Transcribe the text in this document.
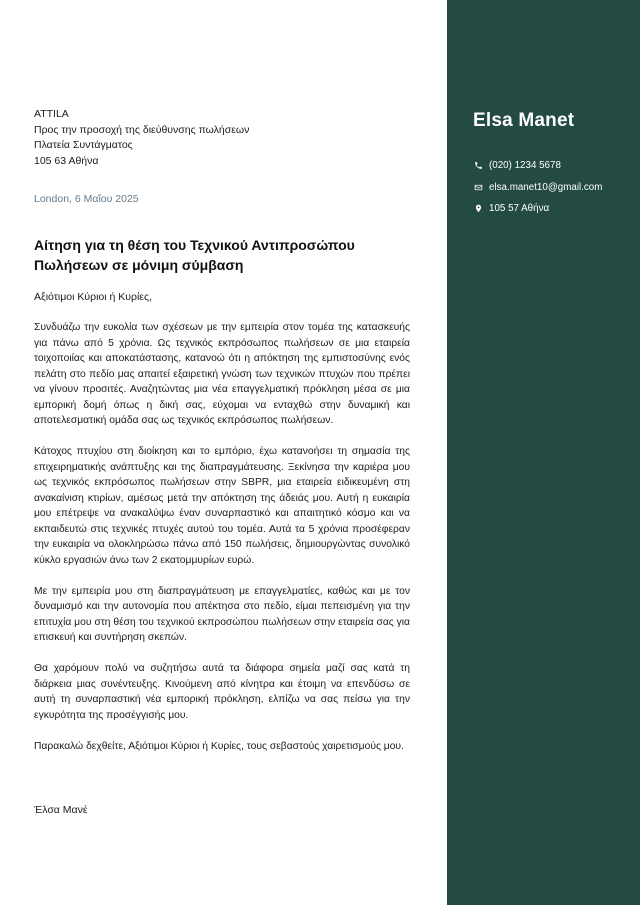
ATTILA
Προς την προσοχή της διεύθυνσης πωλήσεων
Πλατεία Συντάγματος
105 63 Αθήνα
London, 6 Μαΐου 2025
Αίτηση για τη θέση του Τεχνικού Αντιπροσώπου Πωλήσεων σε μόνιμη σύμβαση
Αξιότιμοι Κύριοι ή Κυρίες,

Συνδυάζω την ευκολία των σχέσεων με την εμπειρία στον τομέα της κατασκευής για πάνω από 5 χρόνια. Ως τεχνικός εκπρόσωπος πωλήσεων σε μια εταιρεία τοιχοποιίας και αποκατάστασης, κατανοώ ότι η απόκτηση της εμπιστοσύνης ενός πελάτη στο πεδίο μας απαιτεί εξαιρετική γνώση των τεχνικών πτυχών που πρέπει να γίνουν προσιτές. Αναζητώντας μια νέα επαγγελματική πρόκληση μέσα σε μια εμπορική δομή όπως η δική σας, εύχομαι να ενταχθώ στην δυναμική και αποτελεσματική ομάδα σας ως τεχνικός εκπρόσωπος πωλήσεων.

Κάτοχος πτυχίου στη διοίκηση και το εμπόριο, έχω κατανοήσει τη σημασία της επιχειρηματικής ανάπτυξης και της διαπραγμάτευσης. Ξεκίνησα την καριέρα μου ως τεχνικός εκπρόσωπος πωλήσεων στην SBPR, μια εταιρεία ειδικευμένη στη ανακαίνιση κτιρίων, αμέσως μετά την απόκτηση της άδειάς μου. Αυτή η ευκαιρία μου επέτρεψε να ανακαλύψω έναν συναρπαστικό και απαιτητικό κόσμο και να εκπαιδευτώ στις τεχνικές πτυχές αυτού του τομέα. Αυτά τα 5 χρόνια προσέφεραν την ευκαιρία να ολοκληρώσω πάνω από 150 πωλήσεις, δημιουργώντας συνολικό κύκλο εργασιών άνω των 2 εκατομμυρίων ευρώ.

Με την εμπειρία μου στη διαπραγμάτευση με επαγγελματίες, καθώς και με τον δυναμισμό και την αυτονομία που απέκτησα στο πεδίο, είμαι πεπεισμένη για την επιτυχία μου στη θέση του τεχνικού εκπροσώπου πωλήσεων στην εταιρεία σας για επισκευή και συντήρηση σκεπών.

Θα χαρόμουν πολύ να συζητήσω αυτά τα διάφορα σημεία μαζί σας κατά τη διάρκεια μιας συνέντευξης. Κινούμενη από κίνητρα και έτοιμη να επενδύσω σε αυτή τη συναρπαστική νέα εμπορική πρόκληση, ελπίζω να σας πείσω για την εγκυρότητα της προσέγγισής μου.

Παρακαλώ δεχθείτε, Αξιότιμοι Κύριοι ή Κυρίες, τους σεβαστούς χαιρετισμούς μου.

Έλσα Μανέ
Elsa Manet
(020) 1234 5678
elsa.manet10@gmail.com
105 57 Αθήνα
